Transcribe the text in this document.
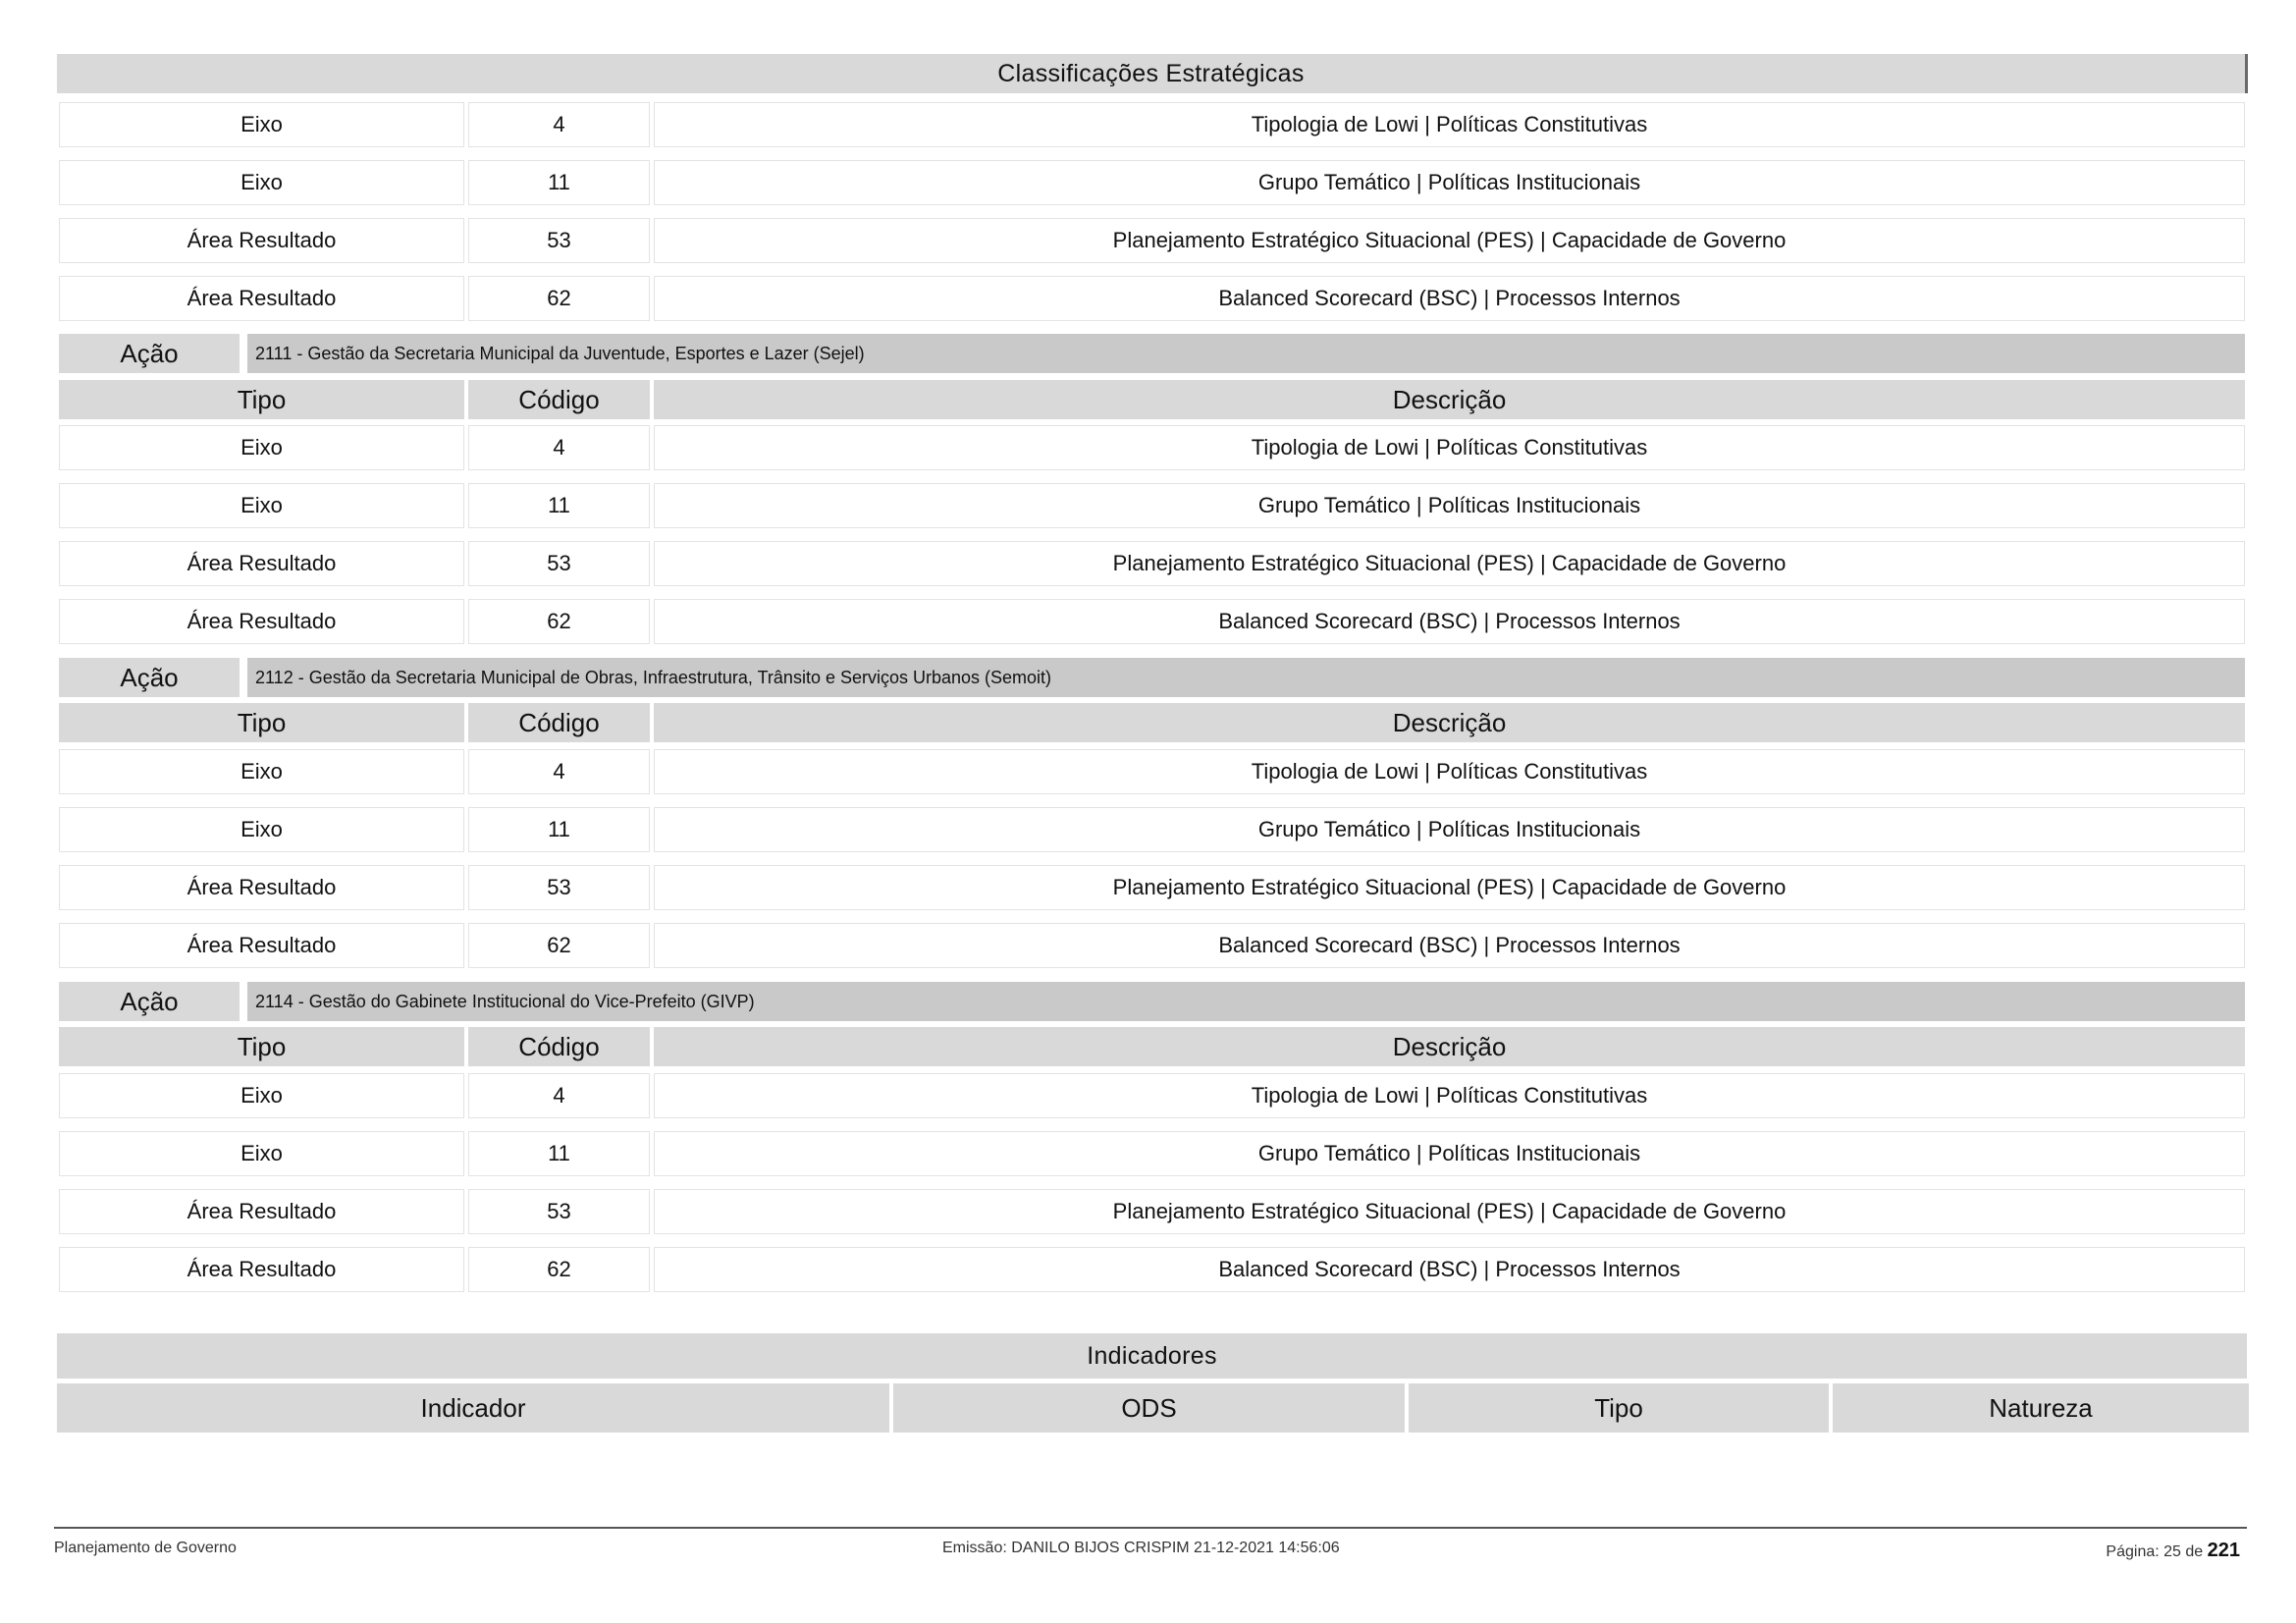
Classificações Estratégicas
Eixo	4	Tipologia de Lowi | Políticas Constitutivas
Eixo	11	Grupo Temático | Políticas Institucionais
Área Resultado	53	Planejamento Estratégico Situacional (PES) | Capacidade de Governo
Área Resultado	62	Balanced Scorecard (BSC) | Processos Internos
Ação	2111 - Gestão da Secretaria Municipal da Juventude, Esportes e Lazer (Sejel)
Tipo	Código	Descrição
Eixo	4	Tipologia de Lowi | Políticas Constitutivas
Eixo	11	Grupo Temático | Políticas Institucionais
Área Resultado	53	Planejamento Estratégico Situacional (PES) | Capacidade de Governo
Área Resultado	62	Balanced Scorecard (BSC) | Processos Internos
Ação	2112 - Gestão da Secretaria Municipal de Obras, Infraestrutura, Trânsito e Serviços Urbanos (Semoit)
Tipo	Código	Descrição
Eixo	4	Tipologia de Lowi | Políticas Constitutivas
Eixo	11	Grupo Temático | Políticas Institucionais
Área Resultado	53	Planejamento Estratégico Situacional (PES) | Capacidade de Governo
Área Resultado	62	Balanced Scorecard (BSC) | Processos Internos
Ação	2114 - Gestão do Gabinete Institucional do Vice-Prefeito (GIVP)
Tipo	Código	Descrição
Eixo	4	Tipologia de Lowi | Políticas Constitutivas
Eixo	11	Grupo Temático | Políticas Institucionais
Área Resultado	53	Planejamento Estratégico Situacional (PES) | Capacidade de Governo
Área Resultado	62	Balanced Scorecard (BSC) | Processos Internos
Indicadores
Indicador	ODS	Tipo	Natureza
Planejamento de Governo	Emissão: DANILO BIJOS CRISPIM 21-12-2021 14:56:06	Página: 25 de 221
